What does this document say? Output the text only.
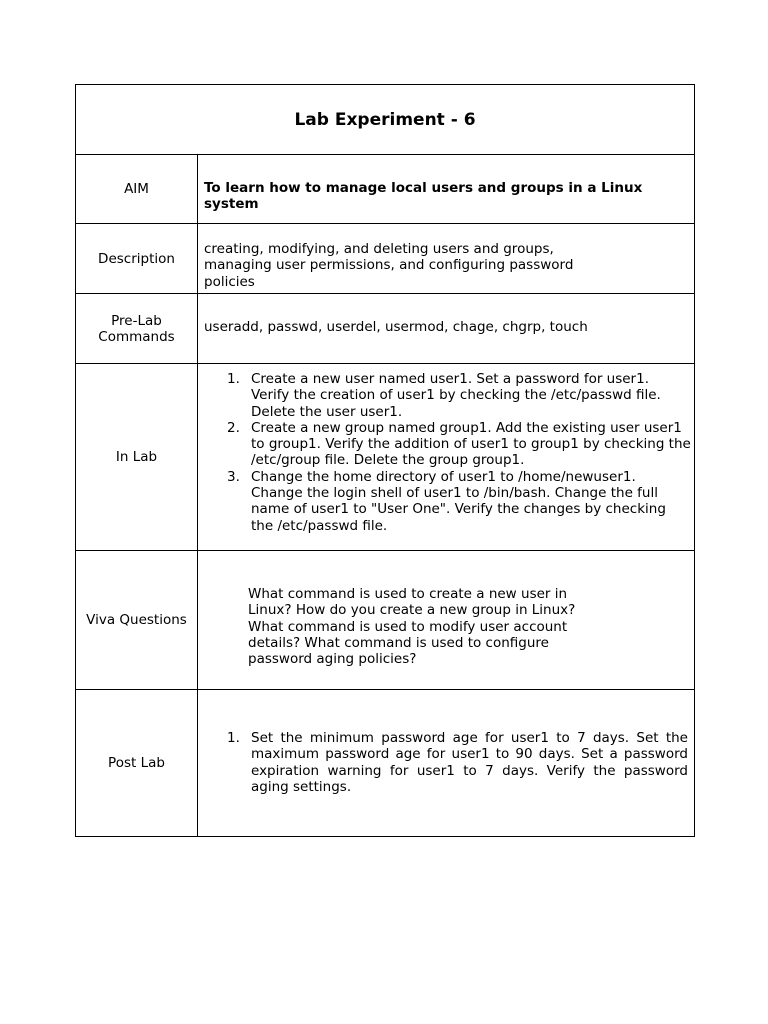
Lab Experiment - 6
AIM	To learn how to manage local users and groups in a Linux system
Description
creating, modifying, and deleting users and groups, managing user permissions, and configuring password policies
Pre-Lab Commands
useradd, passwd, userdel, usermod, chage, chgrp, touch
In Lab
1. Create a new user named user1. Set a password for user1. Verify the creation of user1 by checking the /etc/passwd file. Delete the user user1.
2. Create a new group named group1. Add the existing user user1 to group1. Verify the addition of user1 to group1 by checking the /etc/group file. Delete the group group1.
3. Change the home directory of user1 to /home/newuser1. Change the login shell of user1 to /bin/bash. Change the full name of user1 to "User One". Verify the changes by checking the /etc/passwd file.
Viva Questions
What command is used to create a new user in Linux? How do you create a new group in Linux? What command is used to modify user account details? What command is used to configure password aging policies?
Post Lab
1. Set the minimum password age for user1 to 7 days. Set the maximum password age for user1 to 90 days. Set a password expiration warning for user1 to 7 days. Verify the password aging settings.
